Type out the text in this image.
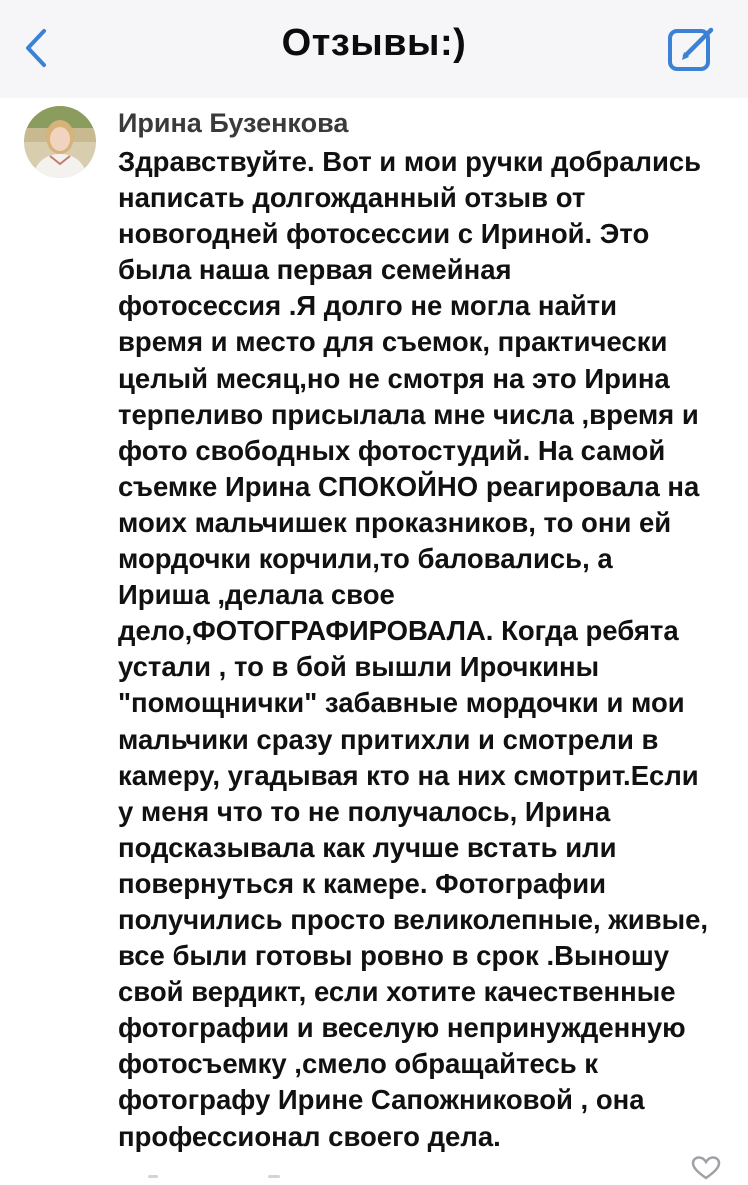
Отзывы:)
Ирина Бузенкова
Здравствуйте. Вот и мои ручки добрались
написать долгожданный отзыв от
новогодней фотосессии с Ириной. Это
была наша первая семейная
фотосессия .Я долго не могла найти
время и место для съемок, практически
целый месяц,но не смотря на это Ирина
терпеливо присылала мне числа ,время и
фото свободных фотостудий. На самой
съемке Ирина СПОКОЙНО реагировала на
моих мальчишек проказников, то они ей
мордочки корчили,то баловались, а
Ириша ,делала свое
дело,ФОТОГРАФИРОВАЛА. Когда ребята
устали , то в бой вышли Ирочкины
"помощнички" забавные мордочки и мои
мальчики сразу притихли и смотрели в
камеру, угадывая кто на них смотрит.Если
у меня что то не получалось, Ирина
подсказывала как лучше встать или
повернуться к камере. Фотографии
получились просто великолепные, живые,
все были готовы ровно в срок .Выношу
свой вердикт, если хотите качественные
фотографии и веселую непринужденную
фотосъемку ,смело обращайтесь к
фотографу Ирине Сапожниковой , она
профессионал своего дела.
